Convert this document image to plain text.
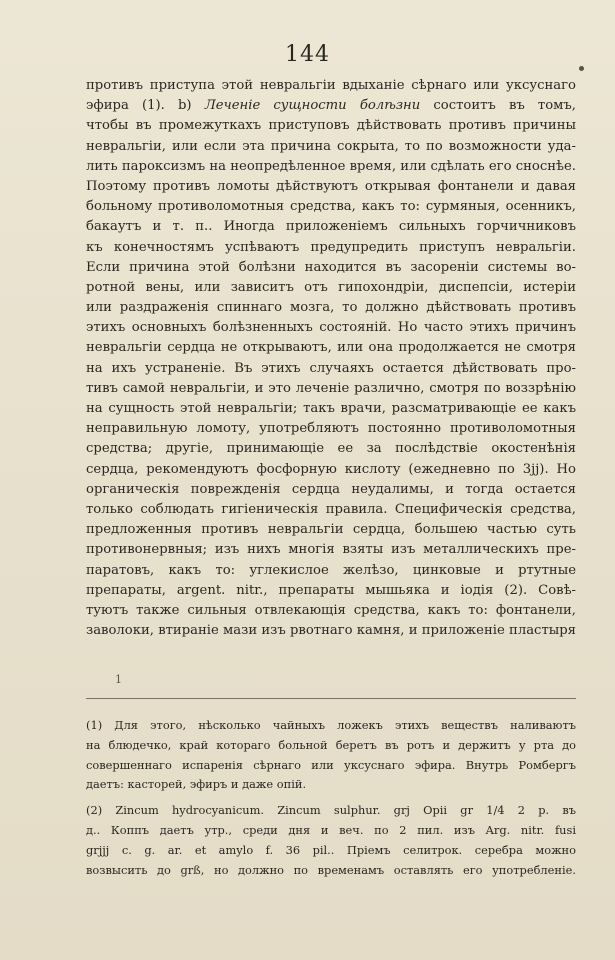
144
противъ приступа этой невральгіи вдыханіе сѣрнаго или уксуснаго
эфира (1). b) Леченіе сущности болѣзни состоитъ въ томъ,
чтобы въ промежуткахъ приступовъ дѣйствовать противъ причины
невральгіи, или если эта причина сокрыта, то по возможности уда-
лить пароксизмъ на неопредѣленное время, или сдѣлать его сноснѣе.
Поэтому противъ ломоты дѣйствуютъ открывая фонтанели и давая
больному противоломотныя средства, какъ то: сурмяныя, осенникъ,
бакаутъ и т. п.. Иногда приложеніемъ сильныхъ горчичниковъ
къ конечностямъ успѣваютъ предупредить приступъ невральгіи.
Если причина этой болѣзни находится въ засореніи системы во-
ротной вены, или зависитъ отъ гипохондріи, диспепсіи, истеріи
или раздраженія спиннаго мозга, то должно дѣйствовать противъ
этихъ основныхъ болѣзненныхъ состояній. Но часто этихъ причинъ
невральгіи сердца не открываютъ, или она продолжается не смотря
на ихъ устраненіе. Въ этихъ случаяхъ остается дѣйствовать про-
тивъ самой невральгіи, и это леченіе различно, смотря по воззрѣнію
на сущность этой невральгіи; такъ врачи, разсматривающіе ее какъ
неправильную ломоту, употребляютъ постоянно противоломотныя
средства; другіе, принимающіе ее за послѣдствіе окостенѣнія
сердца, рекомендуютъ фосфорную кислоту (ежедневно по 3jj). Но
органическія поврежденія сердца неудалимы, и тогда остается
только соблюдать гигіеническія правила. Специфическія средства,
предложенныя противъ невральгіи сердца, большею частью суть
противонервныя; изъ нихъ многія взяты изъ металлическихъ пре-
паратовъ, какъ то: углекислое желѣзо, цинковые и ртутные
препараты, argent. nitr., препараты мышьяка и іодія (2). Совѣ-
туютъ также сильныя отвлекающія средства, какъ то: фонтанели,
заволоки, втираніе мази изъ рвотнаго камня, и приложеніе пластыря
1
(1) Для этого, нѣсколько чайныхъ ложекъ этихъ веществъ наливаютъ
на блюдечко, край котораго больной беретъ въ ротъ и держитъ у рта до
совершеннаго испаренія сѣрнаго или уксуснаго эфира. Внутрь Ромбергъ
даетъ: касторей, эфиръ и даже опій.
(2) Zincum hydrocyanicum. Zincum sulphur. grj Opii gr 1/4 2 p. въ
д.. Коппъ даетъ утр., среди дня и веч. по 2 пил. изъ Arg. nitr. fusi
grjjj c. g. ar. et amylo f. 36 pil.. Пріемъ селитрок. серебра можно
возвысить до grß, но должно по временамъ оставлять его употребленіе.
